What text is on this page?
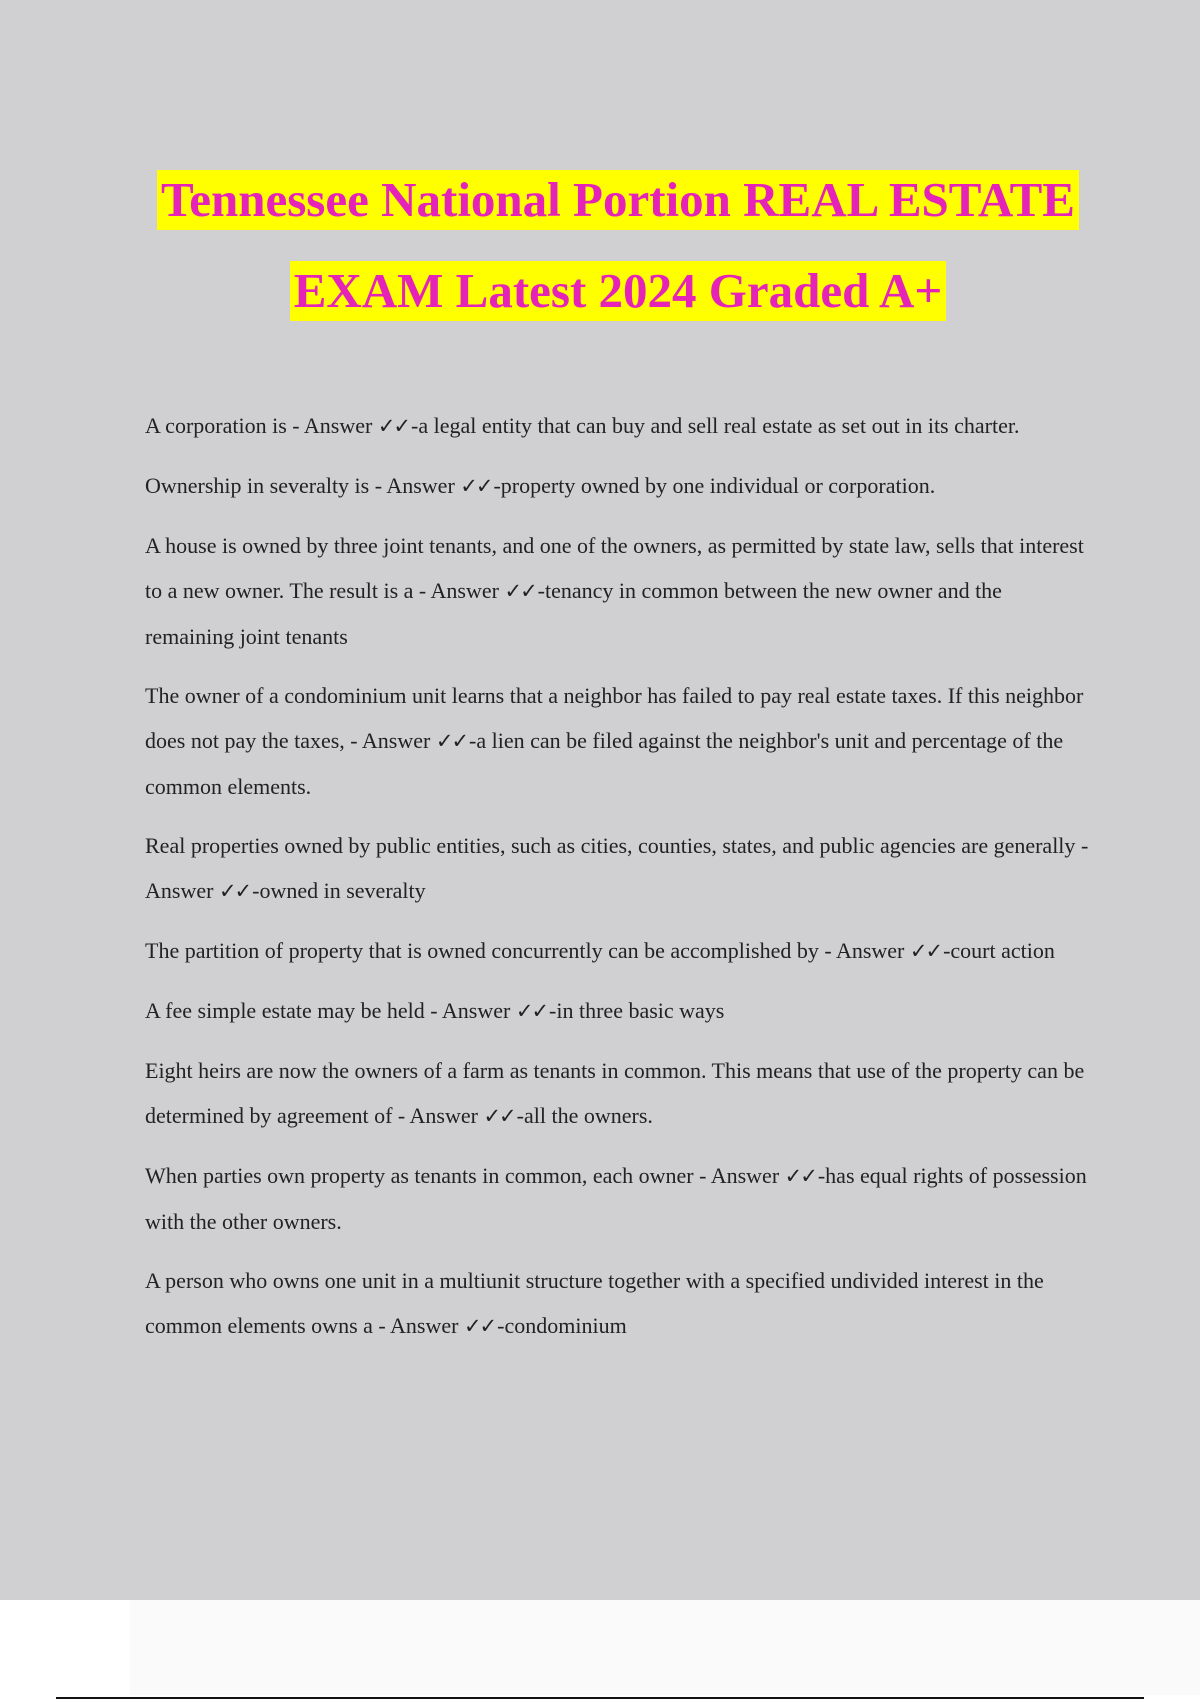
Tennessee National Portion REAL ESTATE
EXAM Latest 2024 Graded A+

A corporation is - Answer ✓✓-a legal entity that can buy and sell real estate as set out in its charter.

Ownership in severalty is - Answer ✓✓-property owned by one individual or corporation.

A house is owned by three joint tenants, and one of the owners, as permitted by state law, sells that interest to a new owner. The result is a - Answer ✓✓-tenancy in common between the new owner and the remaining joint tenants

The owner of a condominium unit learns that a neighbor has failed to pay real estate taxes. If this neighbor does not pay the taxes, - Answer ✓✓-a lien can be filed against the neighbor's unit and percentage of the common elements.

Real properties owned by public entities, such as cities, counties, states, and public agencies are generally - Answer ✓✓-owned in severalty

The partition of property that is owned concurrently can be accomplished by - Answer ✓✓-court action

A fee simple estate may be held - Answer ✓✓-in three basic ways

Eight heirs are now the owners of a farm as tenants in common. This means that use of the property can be determined by agreement of - Answer ✓✓-all the owners.

When parties own property as tenants in common, each owner - Answer ✓✓-has equal rights of possession with the other owners.

A person who owns one unit in a multiunit structure together with a specified undivided interest in the common elements owns a - Answer ✓✓-condominium
